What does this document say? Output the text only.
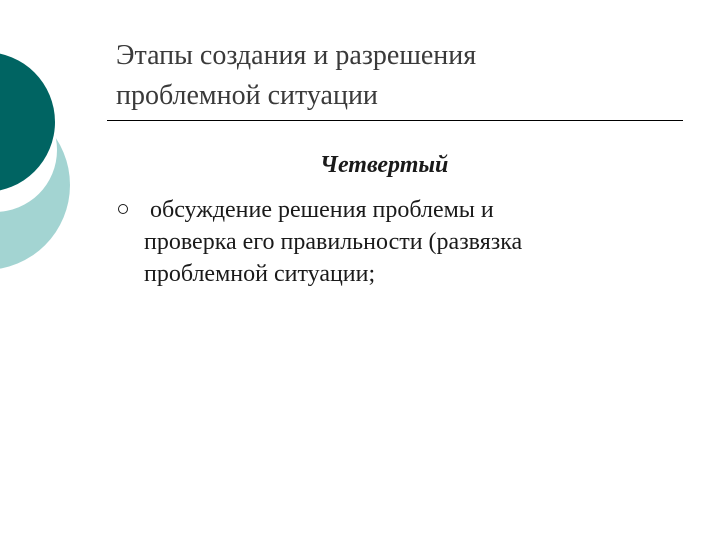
Этапы создания и разрешения
проблемной ситуации
Четвертый
обсуждение решения проблемы и
проверка его правильности (развязка
проблемной ситуации;
